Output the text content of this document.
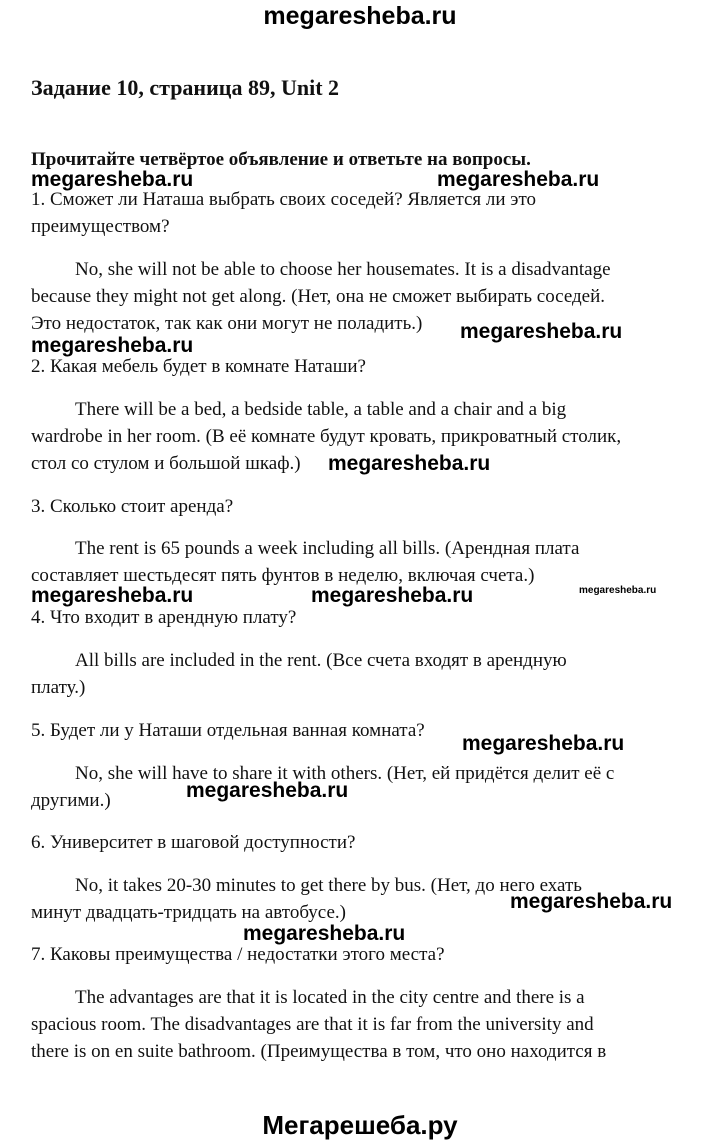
megaresheba.ru
Мегарешеба.ру
Задание 10, страница 89, Unit 2
Прочитайте четвёртое объявление и ответьте на вопросы.
1. Сможет ли Наташа выбрать своих соседей? Является ли это
преимуществом?
No, she will not be able to choose her housemates. It is a disadvantage
because they might not get along. (Нет, она не сможет выбирать соседей.
Это недостаток, так как они могут не поладить.)
2. Какая мебель будет в комнате Наташи?
There will be a bed, a bedside table, a table and a chair and a big
wardrobe in her room. (В её комнате будут кровать, прикроватный столик,
стол со стулом и большой шкаф.)
3. Сколько стоит аренда?
The rent is 65 pounds a week including all bills. (Арендная плата
составляет шестьдесят пять фунтов в неделю, включая счета.)
4. Что входит в арендную плату?
All bills are included in the rent. (Все счета входят в арендную
плату.)
5. Будет ли у Наташи отдельная ванная комната?
No, she will have to share it with others. (Нет, ей придётся делит её с
другими.)
6. Университет в шаговой доступности?
No, it takes 20-30 minutes to get there by bus. (Нет, до него ехать
минут двадцать-тридцать на автобусе.)
7. Каковы преимущества / недостатки этого места?
The advantages are that it is located in the city centre and there is a
spacious room. The disadvantages are that it is far from the university and
there is on en suite bathroom. (Преимущества в том, что оно находится в
megaresheba.ru	megaresheba.ru
megaresheba.ru
megaresheba.ru
megaresheba.ru
megaresheba.ru	megaresheba.ru	megaresheba.ru
megaresheba.ru
megaresheba.ru
megaresheba.ru
megaresheba.ru
